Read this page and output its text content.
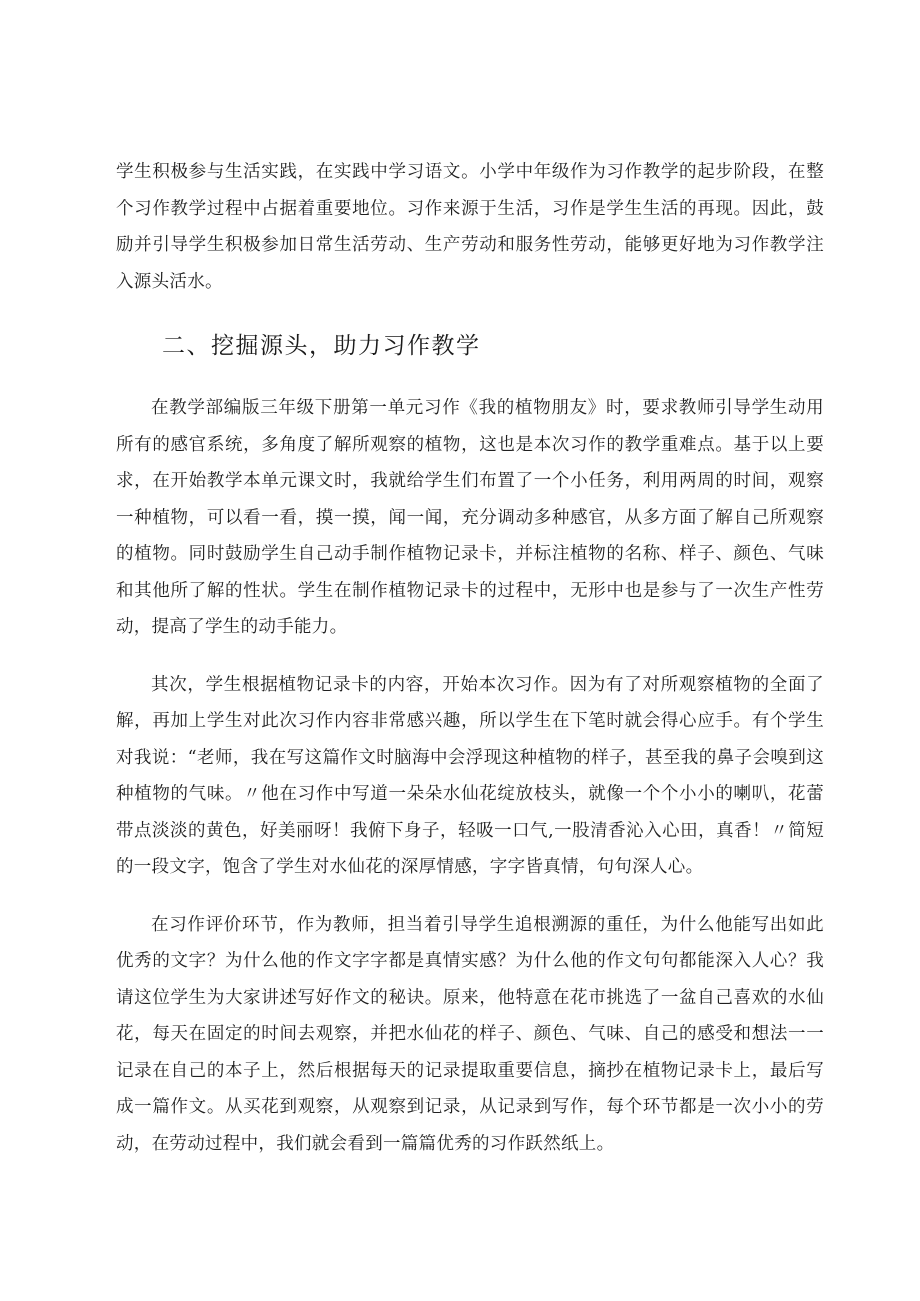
学生积极参与生活实践，在实践中学习语文。小学中年级作为习作教学的起步阶段，在整个习作教学过程中占据着重要地位。习作来源于生活，习作是学生生活的再现。因此，鼓励并引导学生积极参加日常生活劳动、生产劳动和服务性劳动，能够更好地为习作教学注入源头活水。

二、挖掘源头，助力习作教学

在教学部编版三年级下册第一单元习作《我的植物朋友》时，要求教师引导学生动用所有的感官系统，多角度了解所观察的植物，这也是本次习作的教学重难点。基于以上要求，在开始教学本单元课文时，我就给学生们布置了一个小任务，利用两周的时间，观察一种植物，可以看一看，摸一摸，闻一闻，充分调动多种感官，从多方面了解自己所观察的植物。同时鼓励学生自己动手制作植物记录卡，并标注植物的名称、样子、颜色、气味和其他所了解的性状。学生在制作植物记录卡的过程中，无形中也是参与了一次生产性劳动，提高了学生的动手能力。

其次，学生根据植物记录卡的内容，开始本次习作。因为有了对所观察植物的全面了解，再加上学生对此次习作内容非常感兴趣，所以学生在下笔时就会得心应手。有个学生对我说：“老师，我在写这篇作文时脑海中会浮现这种植物的样子，甚至我的鼻子会嗅到这种植物的气味。〃他在习作中写道一朵朵水仙花绽放枝头，就像一个个小小的喇叭，花蕾带点淡淡的黄色，好美丽呀！我俯下身子，轻吸一口气,一股清香沁入心田，真香！〃简短的一段文字，饱含了学生对水仙花的深厚情感，字字皆真情，句句深人心。

在习作评价环节，作为教师，担当着引导学生追根溯源的重任，为什么他能写出如此优秀的文字？为什么他的作文字字都是真情实感？为什么他的作文句句都能深入人心？我请这位学生为大家讲述写好作文的秘诀。原来，他特意在花市挑选了一盆自己喜欢的水仙花，每天在固定的时间去观察，并把水仙花的样子、颜色、气味、自己的感受和想法一一记录在自己的本子上，然后根据每天的记录提取重要信息，摘抄在植物记录卡上，最后写成一篇作文。从买花到观察，从观察到记录，从记录到写作，每个环节都是一次小小的劳动，在劳动过程中，我们就会看到一篇篇优秀的习作跃然纸上。
